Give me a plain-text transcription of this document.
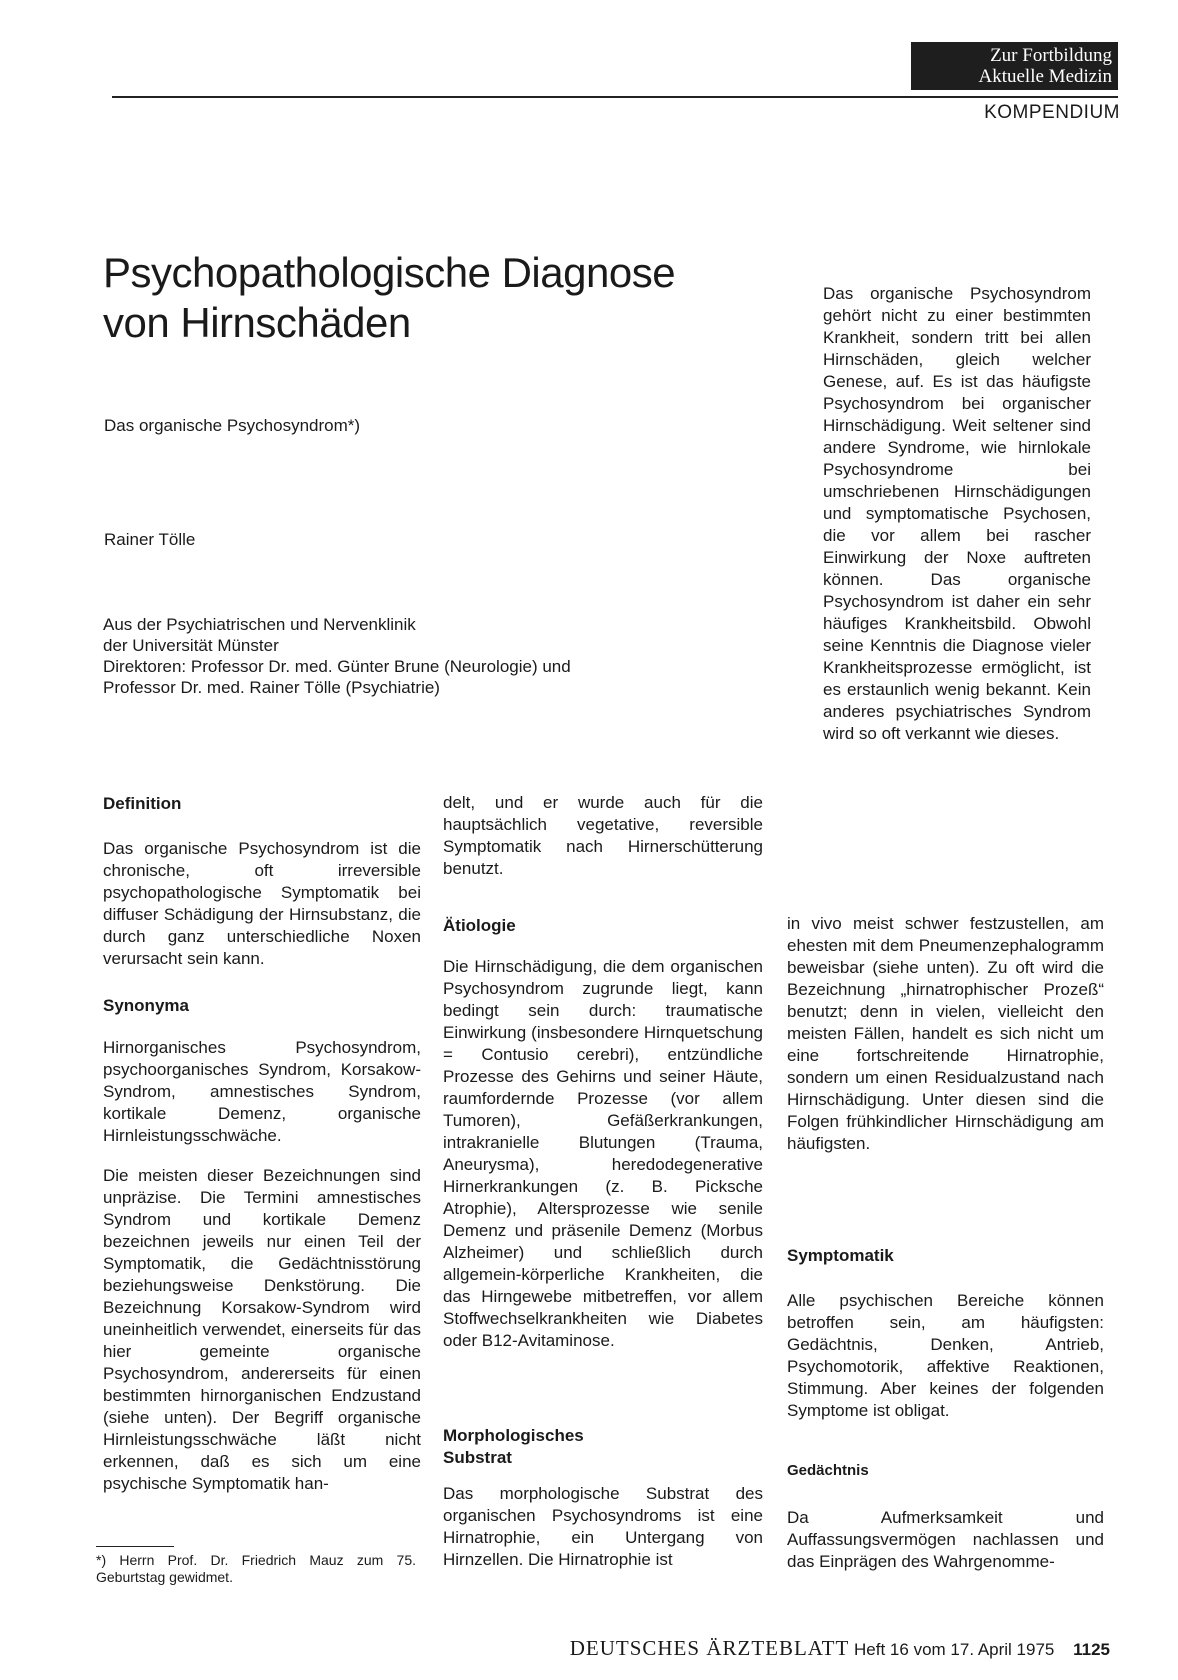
Zur Fortbildung
Aktuelle Medizin
KOMPENDIUM
Psychopathologische Diagnose
von Hirnschäden
Das organische Psychosyndrom*)
Rainer Tölle
Aus der Psychiatrischen und Nervenklinik
der Universität Münster
Direktoren: Professor Dr. med. Günter Brune (Neurologie) und
Professor Dr. med. Rainer Tölle (Psychiatrie)

Das organische Psychosyndrom gehört nicht zu einer bestimmten Krankheit, sondern tritt bei allen Hirnschäden, gleich welcher Genese, auf. Es ist das häufigste Psychosyndrom bei organischer Hirnschädigung. Weit seltener sind andere Syndrome, wie hirnlokale Psychosyndrome bei umschriebenen Hirnschädigungen und symptomatische Psychosen, die vor allem bei rascher Einwirkung der Noxe auftreten können. Das organische Psychosyndrom ist daher ein sehr häufiges Krankheitsbild. Obwohl seine Kenntnis die Diagnose vieler Krankheitsprozesse ermöglicht, ist es erstaunlich wenig bekannt. Kein anderes psychiatrisches Syndrom wird so oft verkannt wie dieses.

Definition

Das organische Psychosyndrom ist die chronische, oft irreversible psychopathologische Symptomatik bei diffuser Schädigung der Hirnsubstanz, die durch ganz unterschiedliche Noxen verursacht sein kann.

Synonyma

Hirnorganisches Psychosyndrom, psychoorganisches Syndrom, Korsakow-Syndrom, amnestisches Syndrom, kortikale Demenz, organische Hirnleistungsschwäche.

Die meisten dieser Bezeichnungen sind unpräzise. Die Termini amnestisches Syndrom und kortikale Demenz bezeichnen jeweils nur einen Teil der Symptomatik, die Gedächtnisstörung beziehungsweise Denkstörung. Die Bezeichnung Korsakow-Syndrom wird uneinheitlich verwendet, einerseits für das hier gemeinte organische Psychosyndrom, andererseits für einen bestimmten hirnorganischen Endzustand (siehe unten). Der Begriff organische Hirnleistungsschwäche läßt nicht erkennen, daß es sich um eine psychische Symptomatik han-

*) Herrn Prof. Dr. Friedrich Mauz zum 75. Geburtstag gewidmet.

delt, und er wurde auch für die hauptsächlich vegetative, reversible Symptomatik nach Hirnerschütterung benutzt.

Ätiologie

Die Hirnschädigung, die dem organischen Psychosyndrom zugrunde liegt, kann bedingt sein durch: traumatische Einwirkung (insbesondere Hirnquetschung = Contusio cerebri), entzündliche Prozesse des Gehirns und seiner Häute, raumfordernde Prozesse (vor allem Tumoren), Gefäßerkrankungen, intrakranielle Blutungen (Trauma, Aneurysma), heredodegenerative Hirnerkrankungen (z. B. Picksche Atrophie), Altersprozesse wie senile Demenz und präsenile Demenz (Morbus Alzheimer) und schließlich durch allgemein-körperliche Krankheiten, die das Hirngewebe mitbetreffen, vor allem Stoffwechselkrankheiten wie Diabetes oder B12-Avitaminose.

Morphologisches
Substrat

Das morphologische Substrat des organischen Psychosyndroms ist eine Hirnatrophie, ein Untergang von Hirnzellen. Die Hirnatrophie ist

in vivo meist schwer festzustellen, am ehesten mit dem Pneumenzephalogramm beweisbar (siehe unten). Zu oft wird die Bezeichnung „hirnatrophischer Prozeß“ benutzt; denn in vielen, vielleicht den meisten Fällen, handelt es sich nicht um eine fortschreitende Hirnatrophie, sondern um einen Residualzustand nach Hirnschädigung. Unter diesen sind die Folgen frühkindlicher Hirnschädigung am häufigsten.

Symptomatik

Alle psychischen Bereiche können betroffen sein, am häufigsten: Gedächtnis, Denken, Antrieb, Psychomotorik, affektive Reaktionen, Stimmung. Aber keines der folgenden Symptome ist obligat.

Gedächtnis

Da Aufmerksamkeit und Auffassungsvermögen nachlassen und das Einprägen des Wahrgenomme-

DEUTSCHES ÄRZTEBLATT Heft 16 vom 17. April 1975 1125
